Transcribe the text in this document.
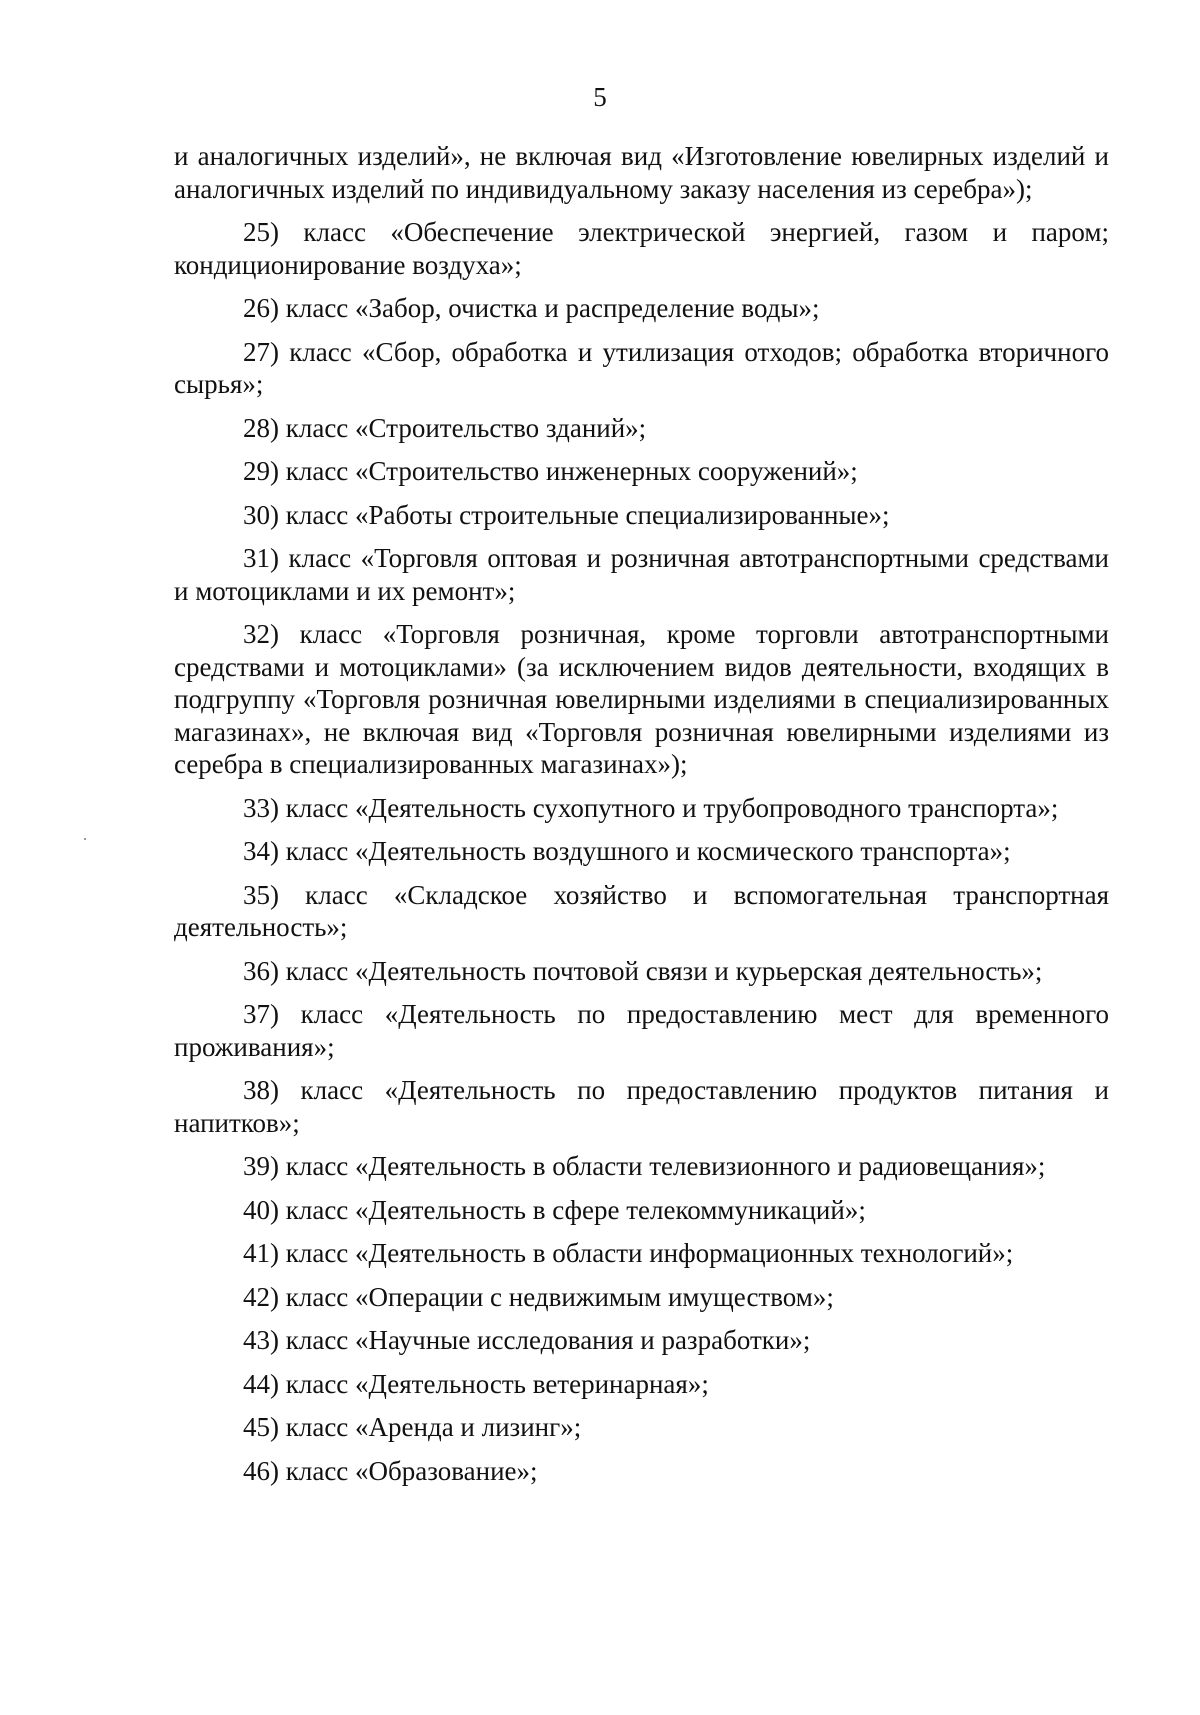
5

и аналогичных изделий», не включая вид «Изготовление ювелирных изделий и аналогичных изделий по индивидуальному заказу населения из серебра»);

25) класс «Обеспечение электрической энергией, газом и паром; кондиционирование воздуха»;

26) класс «Забор, очистка и распределение воды»;

27) класс «Сбор, обработка и утилизация отходов; обработка вторичного сырья»;

28) класс «Строительство зданий»;

29) класс «Строительство инженерных сооружений»;

30) класс «Работы строительные специализированные»;

31) класс «Торговля оптовая и розничная автотранспортными средствами и мотоциклами и их ремонт»;

32) класс «Торговля розничная, кроме торговли автотранспортными средствами и мотоциклами» (за исключением видов деятельности, входящих в подгруппу «Торговля розничная ювелирными изделиями в специализированных магазинах», не включая вид «Торговля розничная ювелирными изделиями из серебра в специализированных магазинах»);

33) класс «Деятельность сухопутного и трубопроводного транспорта»;

34) класс «Деятельность воздушного и космического транспорта»;

35) класс «Складское хозяйство и вспомогательная транспортная деятельность»;

36) класс «Деятельность почтовой связи и курьерская деятельность»;

37) класс «Деятельность по предоставлению мест для временного проживания»;

38) класс «Деятельность по предоставлению продуктов питания и напитков»;

39) класс «Деятельность в области телевизионного и радиовещания»;

40) класс «Деятельность в сфере телекоммуникаций»;

41) класс «Деятельность в области информационных технологий»;

42) класс «Операции с недвижимым имуществом»;

43) класс «Научные исследования и разработки»;

44) класс «Деятельность ветеринарная»;

45) класс «Аренда и лизинг»;

46) класс «Образование»;
